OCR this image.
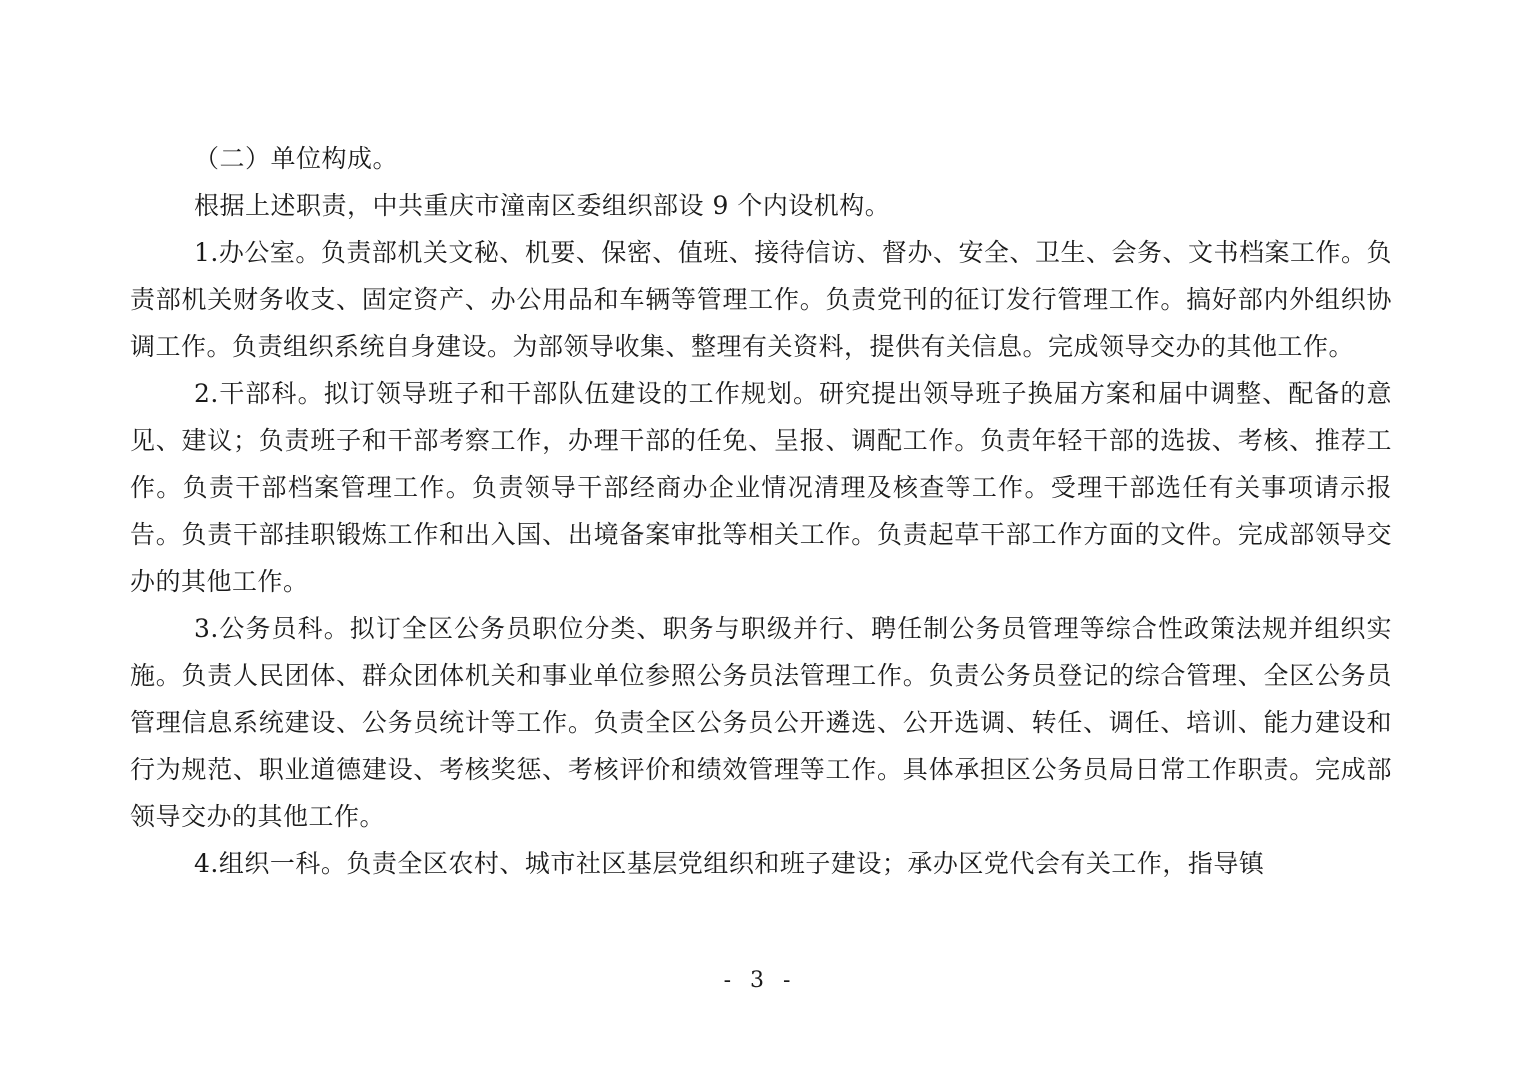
（二）单位构成。

根据上述职责，中共重庆市潼南区委组织部设 9 个内设机构。

1.办公室。负责部机关文秘、机要、保密、值班、接待信访、督办、安全、卫生、会务、文书档案工作。负责部机关财务收支、固定资产、办公用品和车辆等管理工作。负责党刊的征订发行管理工作。搞好部内外组织协调工作。负责组织系统自身建设。为部领导收集、整理有关资料，提供有关信息。完成领导交办的其他工作。

2.干部科。拟订领导班子和干部队伍建设的工作规划。研究提出领导班子换届方案和届中调整、配备的意见、建议；负责班子和干部考察工作，办理干部的任免、呈报、调配工作。负责年轻干部的选拔、考核、推荐工作。负责干部档案管理工作。负责领导干部经商办企业情况清理及核查等工作。受理干部选任有关事项请示报告。负责干部挂职锻炼工作和出入国、出境备案审批等相关工作。负责起草干部工作方面的文件。完成部领导交办的其他工作。

3.公务员科。拟订全区公务员职位分类、职务与职级并行、聘任制公务员管理等综合性政策法规并组织实施。负责人民团体、群众团体机关和事业单位参照公务员法管理工作。负责公务员登记的综合管理、全区公务员管理信息系统建设、公务员统计等工作。负责全区公务员公开遴选、公开选调、转任、调任、培训、能力建设和行为规范、职业道德建设、考核奖惩、考核评价和绩效管理等工作。具体承担区公务员局日常工作职责。完成部领导交办的其他工作。

4.组织一科。负责全区农村、城市社区基层党组织和班子建设；承办区党代会有关工作，指导镇

- 3 -
